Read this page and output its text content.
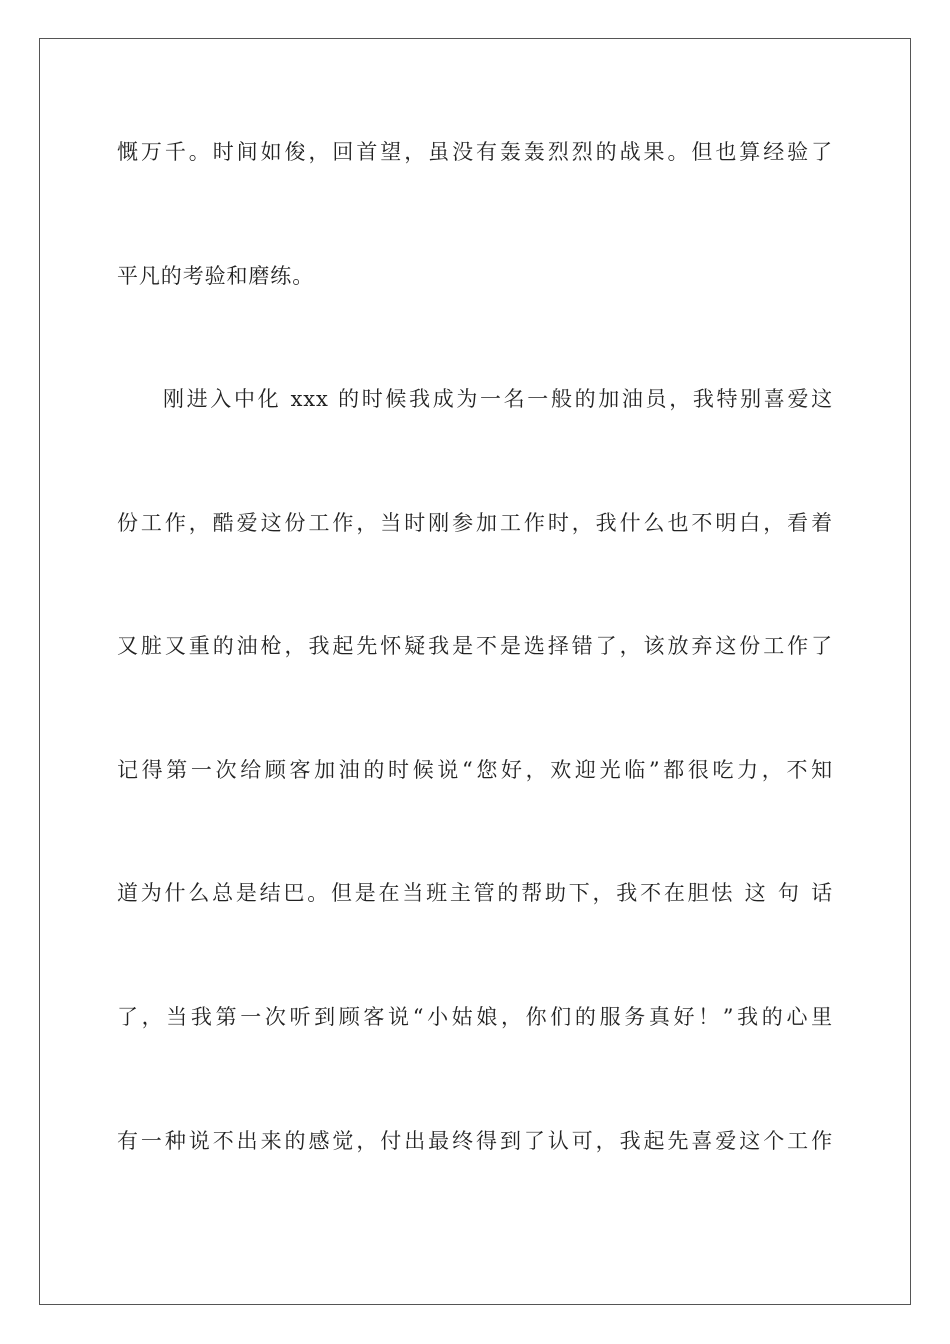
慨万千。时间如俊，回首望，虽没有轰轰烈烈的战果。但也算经验了
平凡的考验和磨练。
刚进入中化 xxx 的时候我成为一名一般的加油员，我特别喜爱这
份工作，酷爱这份工作，当时刚参加工作时，我什么也不明白，看着
又脏又重的油枪，我起先怀疑我是不是选择错了，该放弃这份工作了
记得第一次给顾客加油的时候说“您好，欢迎光临”都很吃力，不知
道为什么总是结巴。但是在当班主管的帮助下，我不在胆怯 这 句 话
了，当我第一次听到顾客说“小姑娘，你们的服务真好！”我的心里
有一种说不出来的感觉，付出最终得到了认可，我起先喜爱这个工作
